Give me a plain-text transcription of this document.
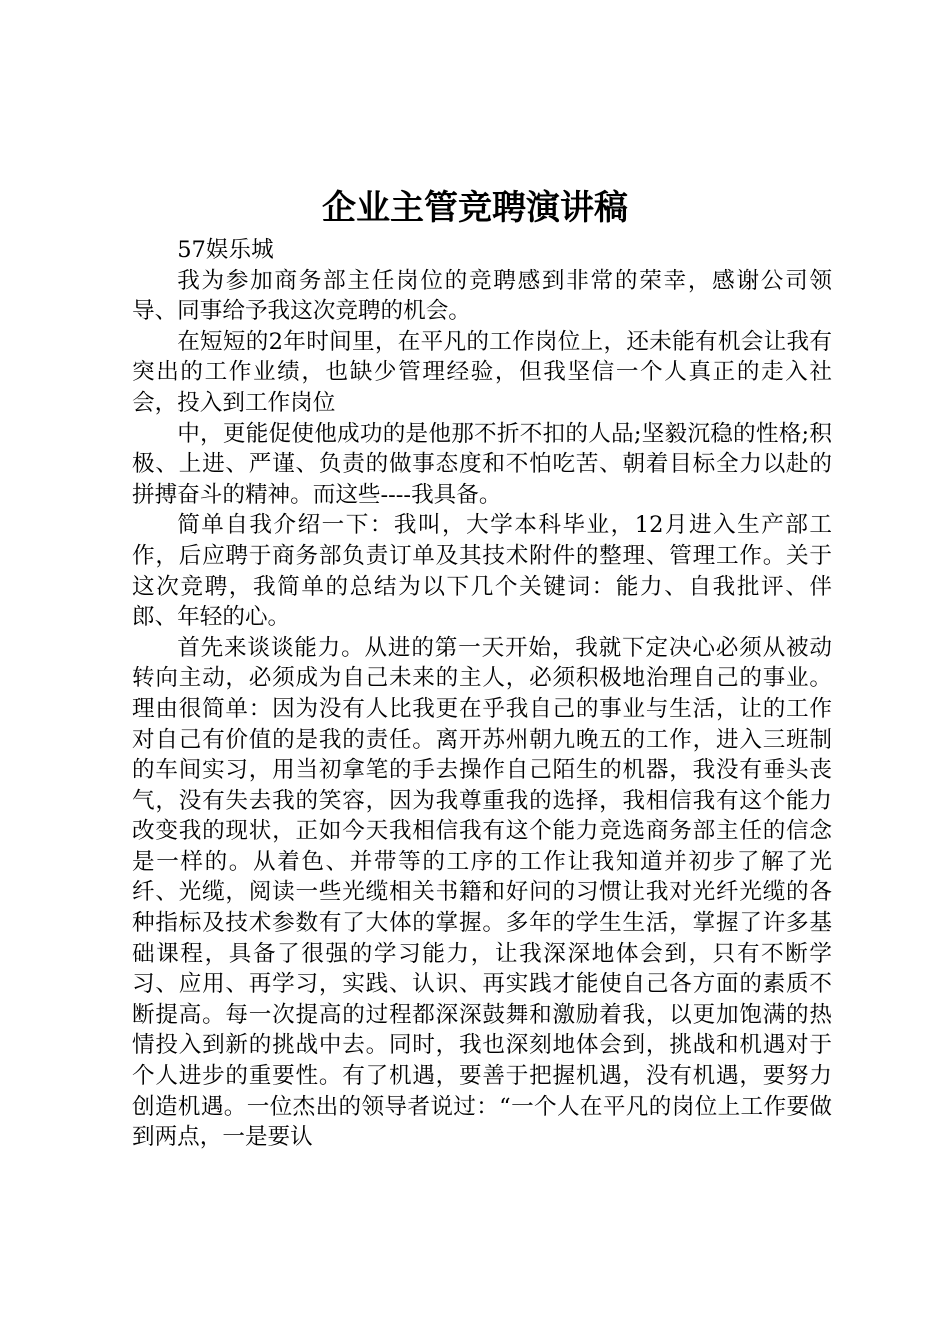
企业主管竞聘演讲稿

57娱乐城

我为参加商务部主任岗位的竞聘感到非常的荣幸，感谢公司领导、同事给予我这次竞聘的机会。

在短短的2年时间里，在平凡的工作岗位上，还未能有机会让我有突出的工作业绩，也缺少管理经验，但我坚信一个人真正的走入社会，投入到工作岗位

中，更能促使他成功的是他那不折不扣的人品;坚毅沉稳的性格;积极、上进、严谨、负责的做事态度和不怕吃苦、朝着目标全力以赴的拼搏奋斗的精神。而这些----我具备。

简单自我介绍一下：我叫，大学本科毕业，12月进入生产部工作，后应聘于商务部负责订单及其技术附件的整理、管理工作。关于这次竞聘，我简单的总结为以下几个关键词：能力、自我批评、伴郎、年轻的心。

首先来谈谈能力。从进的第一天开始，我就下定决心必须从被动转向主动，必须成为自己未来的主人，必须积极地治理自己的事业。理由很简单：因为没有人比我更在乎我自己的事业与生活，让的工作对自己有价值的是我的责任。离开苏州朝九晚五的工作，进入三班制的车间实习，用当初拿笔的手去操作自己陌生的机器，我没有垂头丧气，没有失去我的笑容，因为我尊重我的选择，我相信我有这个能力改变我的现状，正如今天我相信我有这个能力竞选商务部主任的信念是一样的。从着色、并带等的工序的工作让我知道并初步了解了光纤、光缆，阅读一些光缆相关书籍和好问的习惯让我对光纤光缆的各种指标及技术参数有了大体的掌握。多年的学生生活，掌握了许多基础课程，具备了很强的学习能力，让我深深地体会到，只有不断学习、应用、再学习，实践、认识、再实践才能使自己各方面的素质不断提高。每一次提高的过程都深深鼓舞和激励着我，以更加饱满的热情投入到新的挑战中去。同时，我也深刻地体会到，挑战和机遇对于个人进步的重要性。有了机遇，要善于把握机遇，没有机遇，要努力创造机遇。一位杰出的领导者说过：“一个人在平凡的岗位上工作要做到两点，一是要认
